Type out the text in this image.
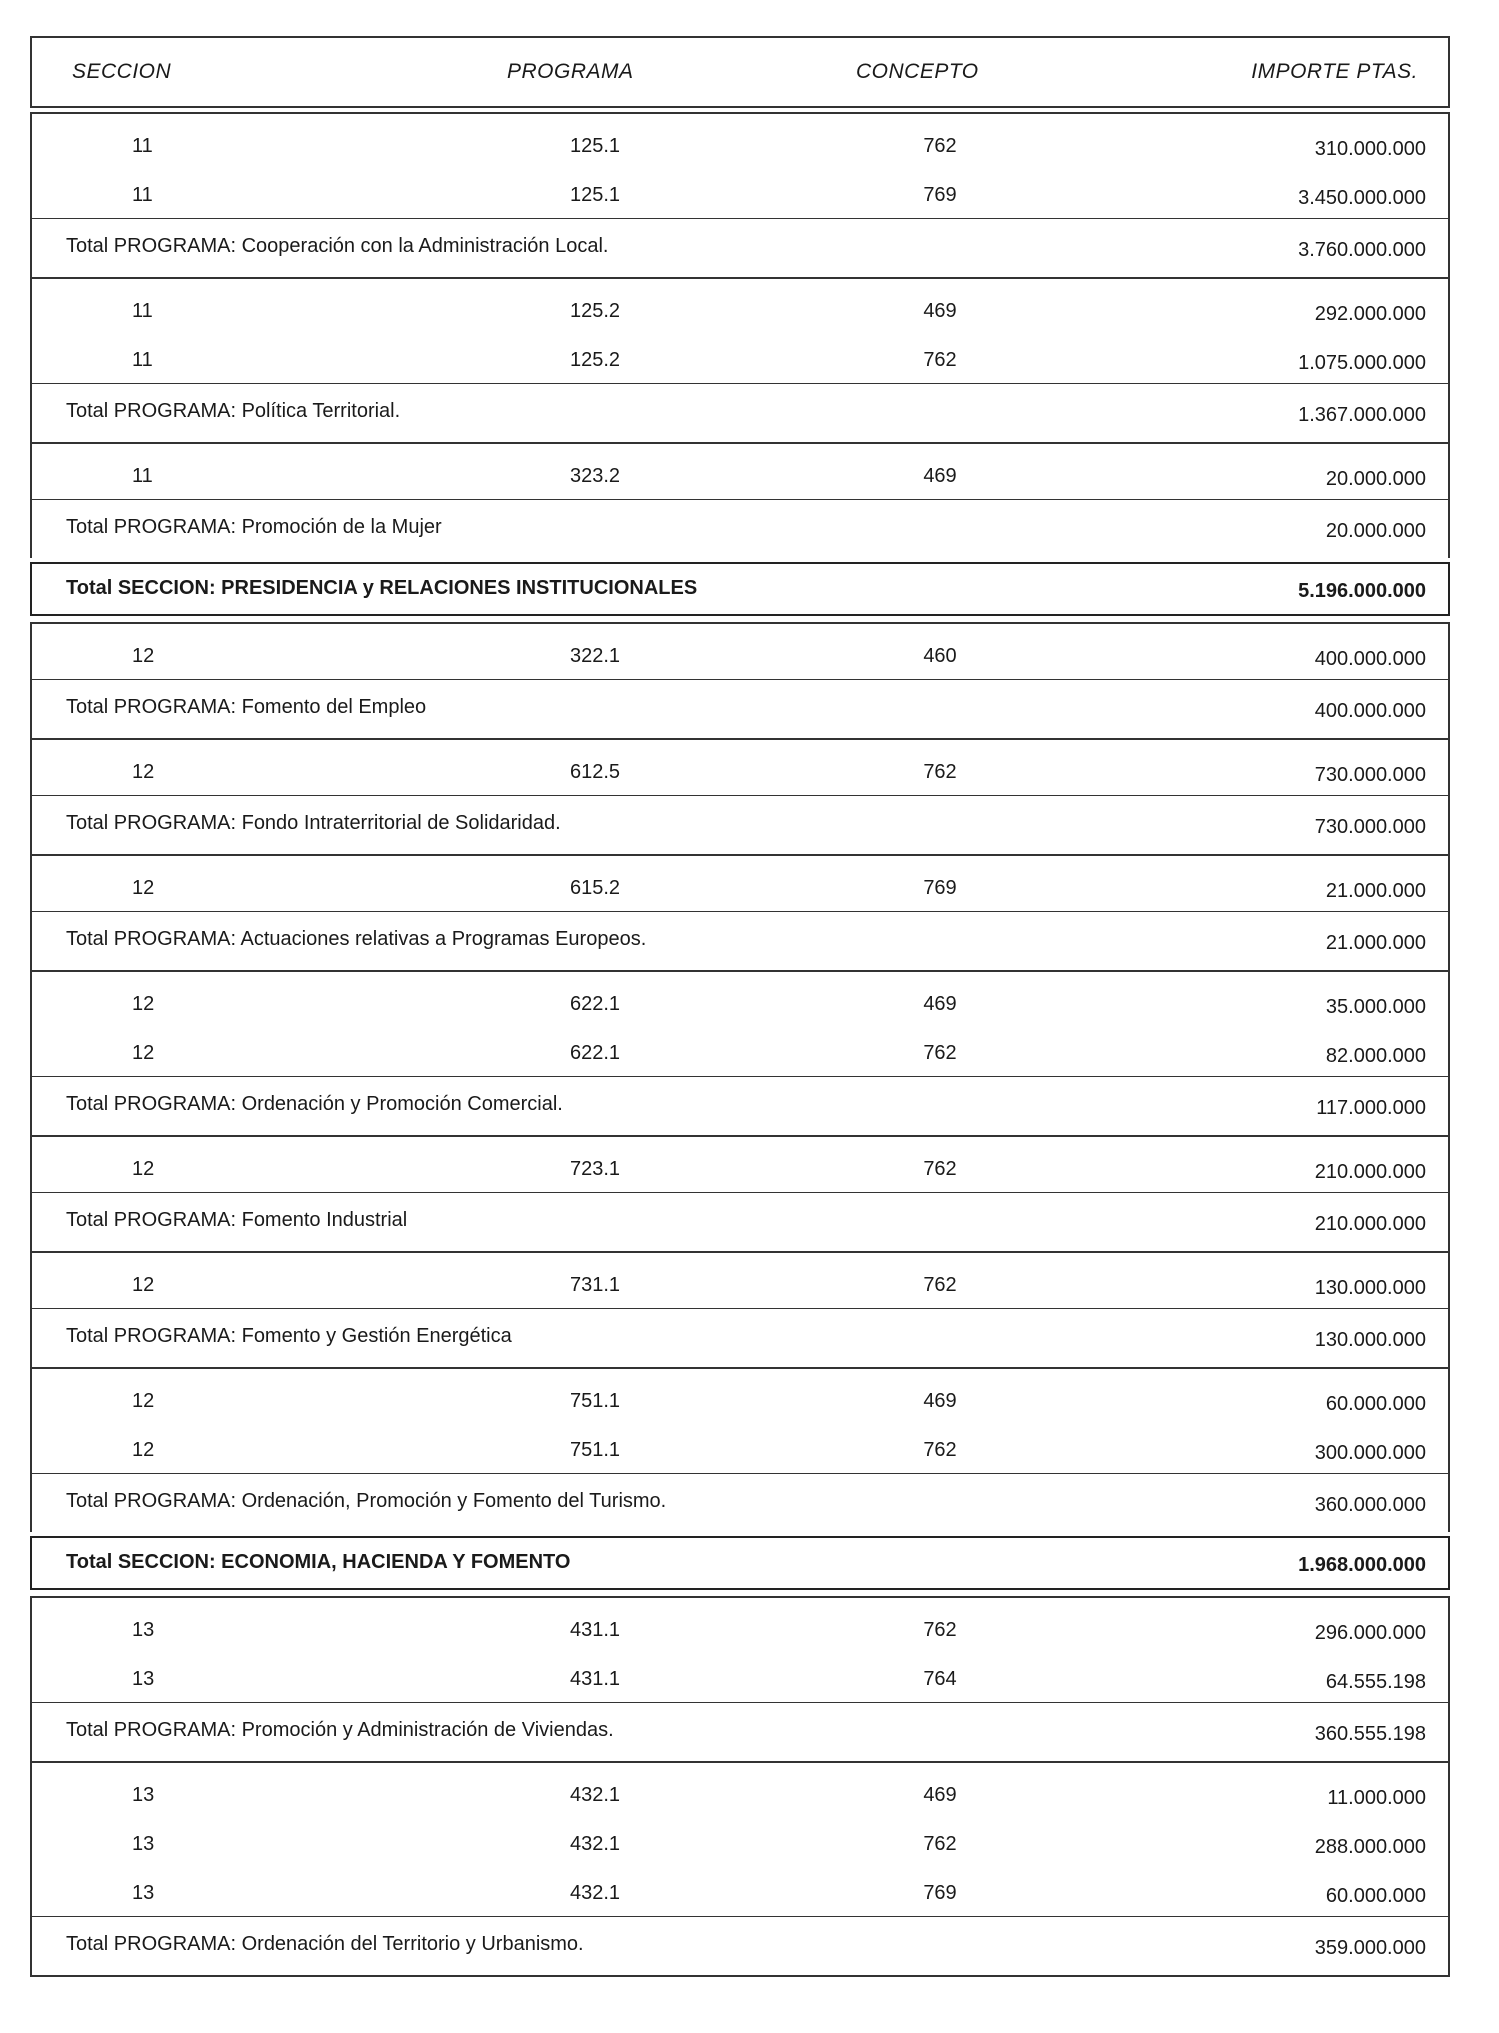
SECCION	PROGRAMA	CONCEPTO	IMPORTE PTAS.
11	125.1	762	310.000.000
11	125.1	769	3.450.000.000
Total PROGRAMA: Cooperación con la Administración Local.	3.760.000.000
11	125.2	469	292.000.000
11	125.2	762	1.075.000.000
Total PROGRAMA: Política Territorial.	1.367.000.000
11	323.2	469	20.000.000
Total PROGRAMA: Promoción de la Mujer	20.000.000
Total SECCION: PRESIDENCIA y RELACIONES INSTITUCIONALES	5.196.000.000
12	322.1	460	400.000.000
Total PROGRAMA: Fomento del Empleo	400.000.000
12	612.5	762	730.000.000
Total PROGRAMA: Fondo Intraterritorial de Solidaridad.	730.000.000
12	615.2	769	21.000.000
Total PROGRAMA: Actuaciones relativas a Programas Europeos.	21.000.000
12	622.1	469	35.000.000
12	622.1	762	82.000.000
Total PROGRAMA: Ordenación y Promoción Comercial.	117.000.000
12	723.1	762	210.000.000
Total PROGRAMA: Fomento Industrial	210.000.000
12	731.1	762	130.000.000
Total PROGRAMA: Fomento y Gestión Energética	130.000.000
12	751.1	469	60.000.000
12	751.1	762	300.000.000
Total PROGRAMA: Ordenación, Promoción y Fomento del Turismo.	360.000.000
Total SECCION: ECONOMIA, HACIENDA Y FOMENTO	1.968.000.000
13	431.1	762	296.000.000
13	431.1	764	64.555.198
Total PROGRAMA: Promoción y Administración de Viviendas.	360.555.198
13	432.1	469	11.000.000
13	432.1	762	288.000.000
13	432.1	769	60.000.000
Total PROGRAMA: Ordenación del Territorio y Urbanismo.	359.000.000
